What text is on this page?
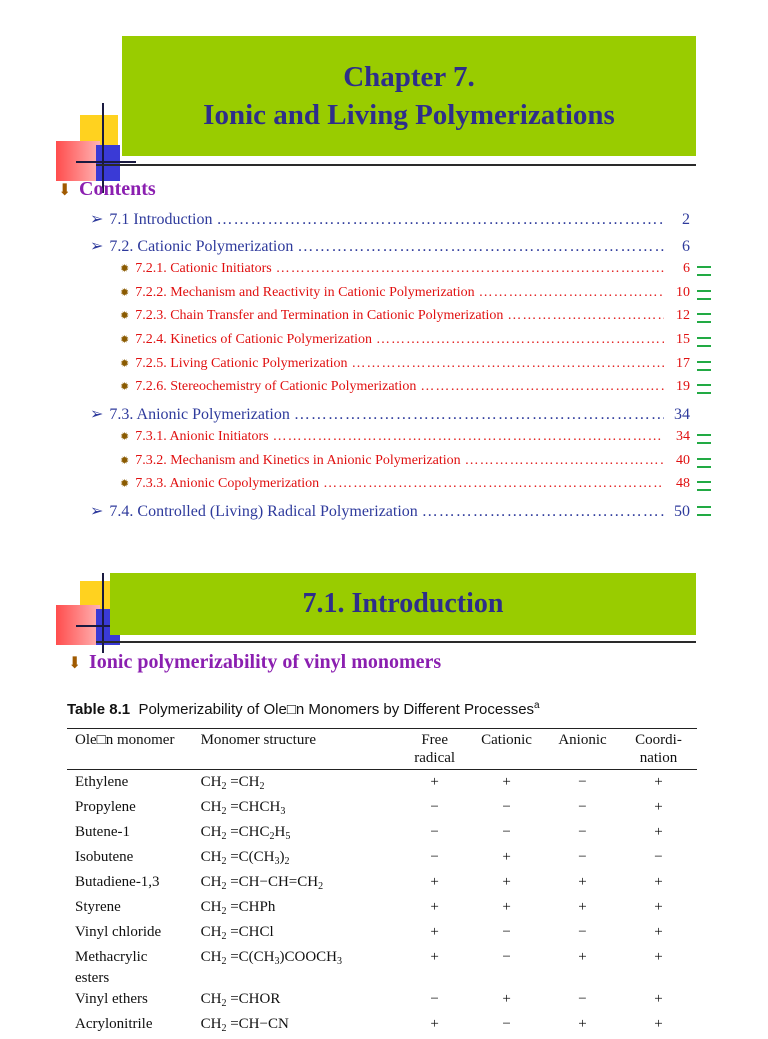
Chapter 7.
Ionic and Living Polymerizations
⬇ Contents
➢ 7.1 Introduction ……………………………………………………………………………………………………………	2
➢ 7.2. Cationic Polymerization ……………………………………………………………………………………………………………	6
✹ 7.2.1. Cationic Initiators ……………………………………………………………………………………………………………	6
✹ 7.2.2. Mechanism and Reactivity in Cationic Polymerization ……………………………………………………………………………………………………………	10
✹ 7.2.3. Chain Transfer and Termination in Cationic Polymerization ……………………………………………………………………………………………………………	12
✹ 7.2.4. Kinetics of Cationic Polymerization ……………………………………………………………………………………………………………	15
✹ 7.2.5. Living Cationic Polymerization ……………………………………………………………………………………………………………	17
✹ 7.2.6. Stereochemistry of Cationic Polymerization ……………………………………………………………………………………………………………	19
➢ 7.3. Anionic Polymerization ……………………………………………………………………………………………………………	34
✹ 7.3.1. Anionic Initiators ……………………………………………………………………………………………………………	34
✹ 7.3.2. Mechanism and Kinetics in Anionic Polymerization ……………………………………………………………………………………………………………	40
✹ 7.3.3. Anionic Copolymerization ……………………………………………………………………………………………………………	48
➢ 7.4. Controlled (Living) Radical Polymerization ……………………………………………………………………………………………………………	50
7.1. Introduction
⬇ Ionic polymerizability of vinyl monomers
Table 8.1 Polymerizability of Ole□n Monomers by Different Processes$^a$
Ole□n monomer	Monomer structure	Free radical	Cationic	Anionic	Coordi- nation
Ethylene	$CH_2 =CH_2$	+	+	−	+
Propylene	$CH_2$ $=CHCH_3$	−	−	−	+
Butene-1	$CH_2 =CHC_2H_5$	−	−	−	+
Isobutene	$CH_2 =C(CH_3)_2$	−	+	−	−
Butadiene-1,3	$CH_2 =CH-CH=CH_2$	+	+	+	+
Styrene	$CH_2$ =CHPh	+	+	+	+
Vinyl chloride	$CH_2$ =CHCl	+	−	−	+
Methacrylic esters	$CH_2$ $=C(CH_3)COOCH_3$	+	−	+	+
Vinyl ethers	$CH_2$ =CHOR	−	+	−	+
Acrylonitrile	$CH_2 =CH-CN$	+	−	+	+
